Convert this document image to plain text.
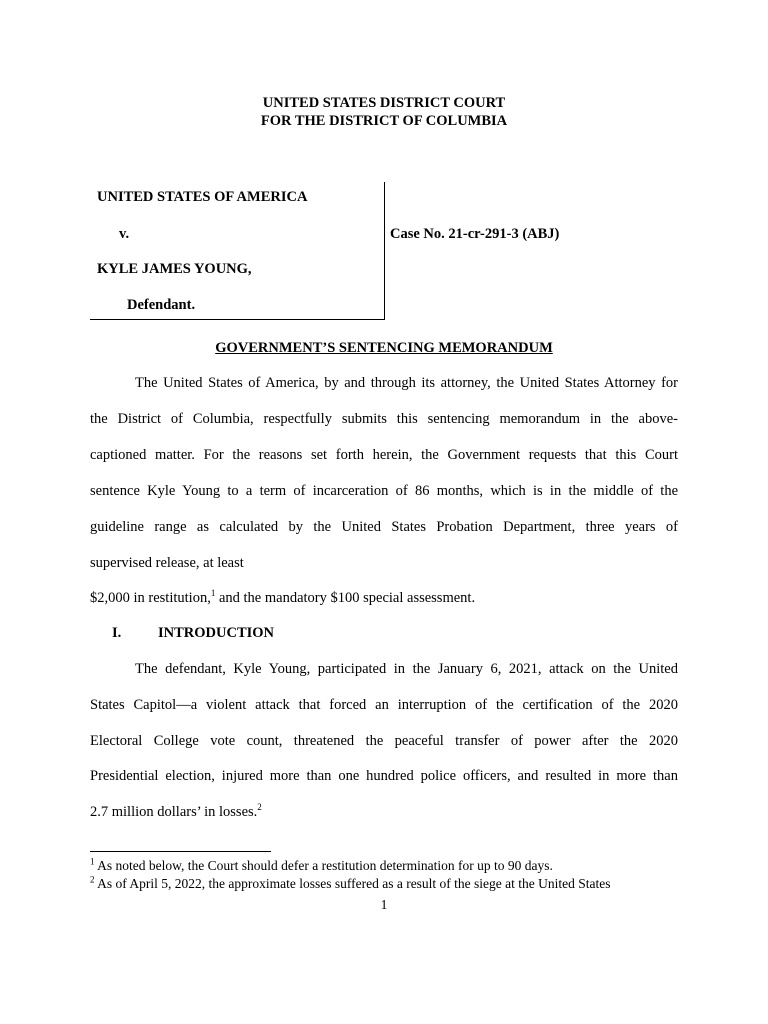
UNITED STATES DISTRICT COURT
FOR THE DISTRICT OF COLUMBIA
UNITED STATES OF AMERICA
v.
KYLE JAMES YOUNG,
Defendant.
Case No. 21-cr-291-3 (ABJ)
GOVERNMENT’S SENTENCING MEMORANDUM
The United States of America, by and through its attorney, the United States Attorney for
the District of Columbia, respectfully submits this sentencing memorandum in the above-
captioned matter. For the reasons set forth herein, the Government requests that this Court
sentence Kyle Young to a term of incarceration of 86 months, which is in the middle of the
guideline range as calculated by the United States Probation Department, three years of
supervised release, at least
$2,000 in restitution,$^1$ and the mandatory $100 special assessment.
I.	INTRODUCTION
The defendant, Kyle Young, participated in the January 6, 2021, attack on the United
States Capitol—a violent attack that forced an interruption of the certification of the 2020
Electoral College vote count, threatened the peaceful transfer of power after the 2020
Presidential election, injured more than one hundred police officers, and resulted in more than
2.7 million dollars’ in losses.$^2$
$^1$ As noted below, the Court should defer a restitution determination for up to 90 days.
$^2$ As of April 5, 2022, the approximate losses suffered as a result of the siege at the United States
1
